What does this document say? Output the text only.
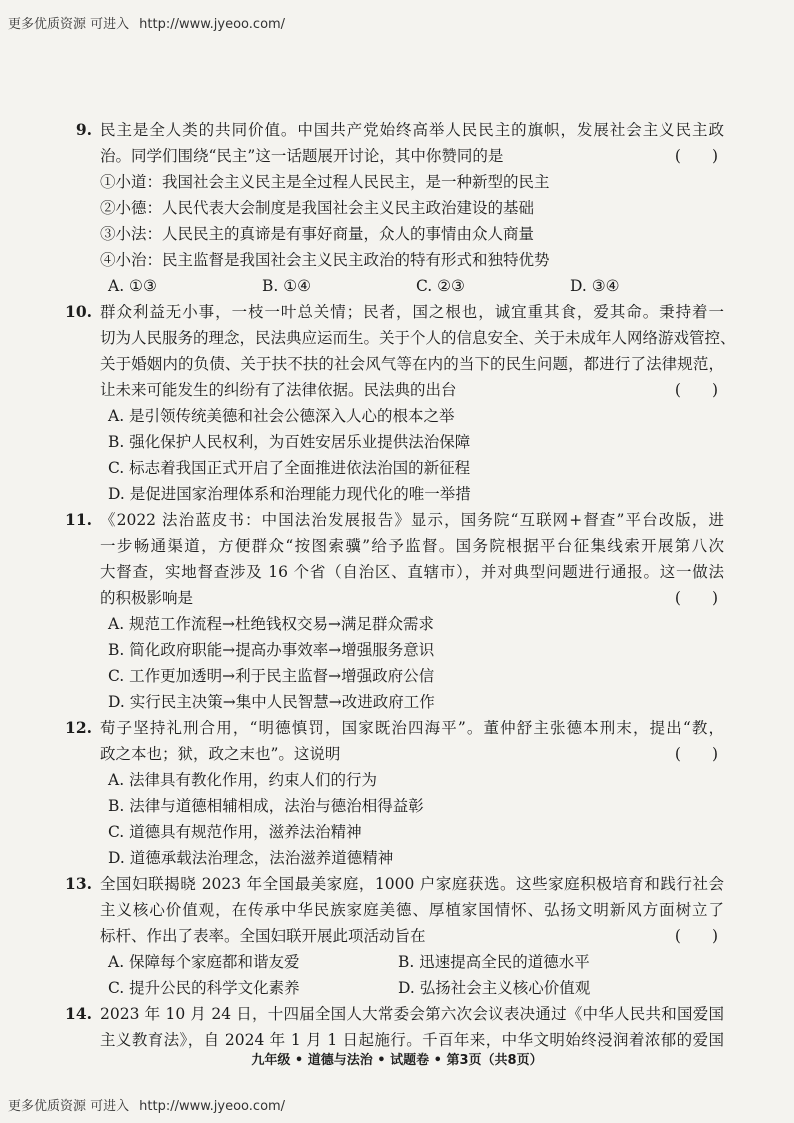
更多优质资源 可进入 http://www.jyeoo.com/
9. 民主是全人类的共同价值。中国共产党始终高举人民民主的旗帜，发展社会主义民主政
治。同学们围绕“民主”这一话题展开讨论，其中你赞同的是	(　　)
①小道：我国社会主义民主是全过程人民民主，是一种新型的民主
②小德：人民代表大会制度是我国社会主义民主政治建设的基础
③小法：人民民主的真谛是有事好商量，众人的事情由众人商量
④小治：民主监督是我国社会主义民主政治的特有形式和独特优势
A. ①③	B. ①④	C. ②③	D. ③④
10. 群众利益无小事，一枝一叶总关情；民者，国之根也，诚宜重其食，爱其命。秉持着一
切为人民服务的理念，民法典应运而生。关于个人的信息安全、关于未成年人网络游戏管控、
关于婚姻内的负债、关于扶不扶的社会风气等在内的当下的民生问题，都进行了法律规范，
让未来可能发生的纠纷有了法律依据。民法典的出台	(　　)
A. 是引领传统美德和社会公德深入人心的根本之举
B. 强化保护人民权利，为百姓安居乐业提供法治保障
C. 标志着我国正式开启了全面推进依法治国的新征程
D. 是促进国家治理体系和治理能力现代化的唯一举措
11. 《2022 法治蓝皮书：中国法治发展报告》显示，国务院“互联网+督查”平台改版，进
一步畅通渠道，方便群众“按图索骥”给予监督。国务院根据平台征集线索开展第八次
大督查，实地督查涉及 16 个省（自治区、直辖市），并对典型问题进行通报。这一做法
的积极影响是	(　　)
A. 规范工作流程→杜绝钱权交易→满足群众需求
B. 简化政府职能→提高办事效率→增强服务意识
C. 工作更加透明→利于民主监督→增强政府公信
D. 实行民主决策→集中人民智慧→改进政府工作
12. 荀子坚持礼刑合用，“明德慎罚，国家既治四海平”。董仲舒主张德本刑末，提出“教，
政之本也；狱，政之末也”。这说明	(　　)
A. 法律具有教化作用，约束人们的行为
B. 法律与道德相辅相成，法治与德治相得益彰
C. 道德具有规范作用，滋养法治精神
D. 道德承载法治理念，法治滋养道德精神
13. 全国妇联揭晓 2023 年全国最美家庭，1000 户家庭获选。这些家庭积极培育和践行社会
主义核心价值观，在传承中华民族家庭美德、厚植家国情怀、弘扬文明新风方面树立了
标杆、作出了表率。全国妇联开展此项活动旨在	(　　)
A. 保障每个家庭都和谐友爱	B. 迅速提高全民的道德水平
C. 提升公民的科学文化素养	D. 弘扬社会主义核心价值观
14. 2023 年 10 月 24 日，十四届全国人大常委会第六次会议表决通过《中华人民共和国爱国
主义教育法》，自 2024 年 1 月 1 日起施行。千百年来，中华文明始终浸润着浓郁的爱国
九年级 • 道德与法治 • 试题卷 • 第3页（共8页）
更多优质资源 可进入 http://www.jyeoo.com/
